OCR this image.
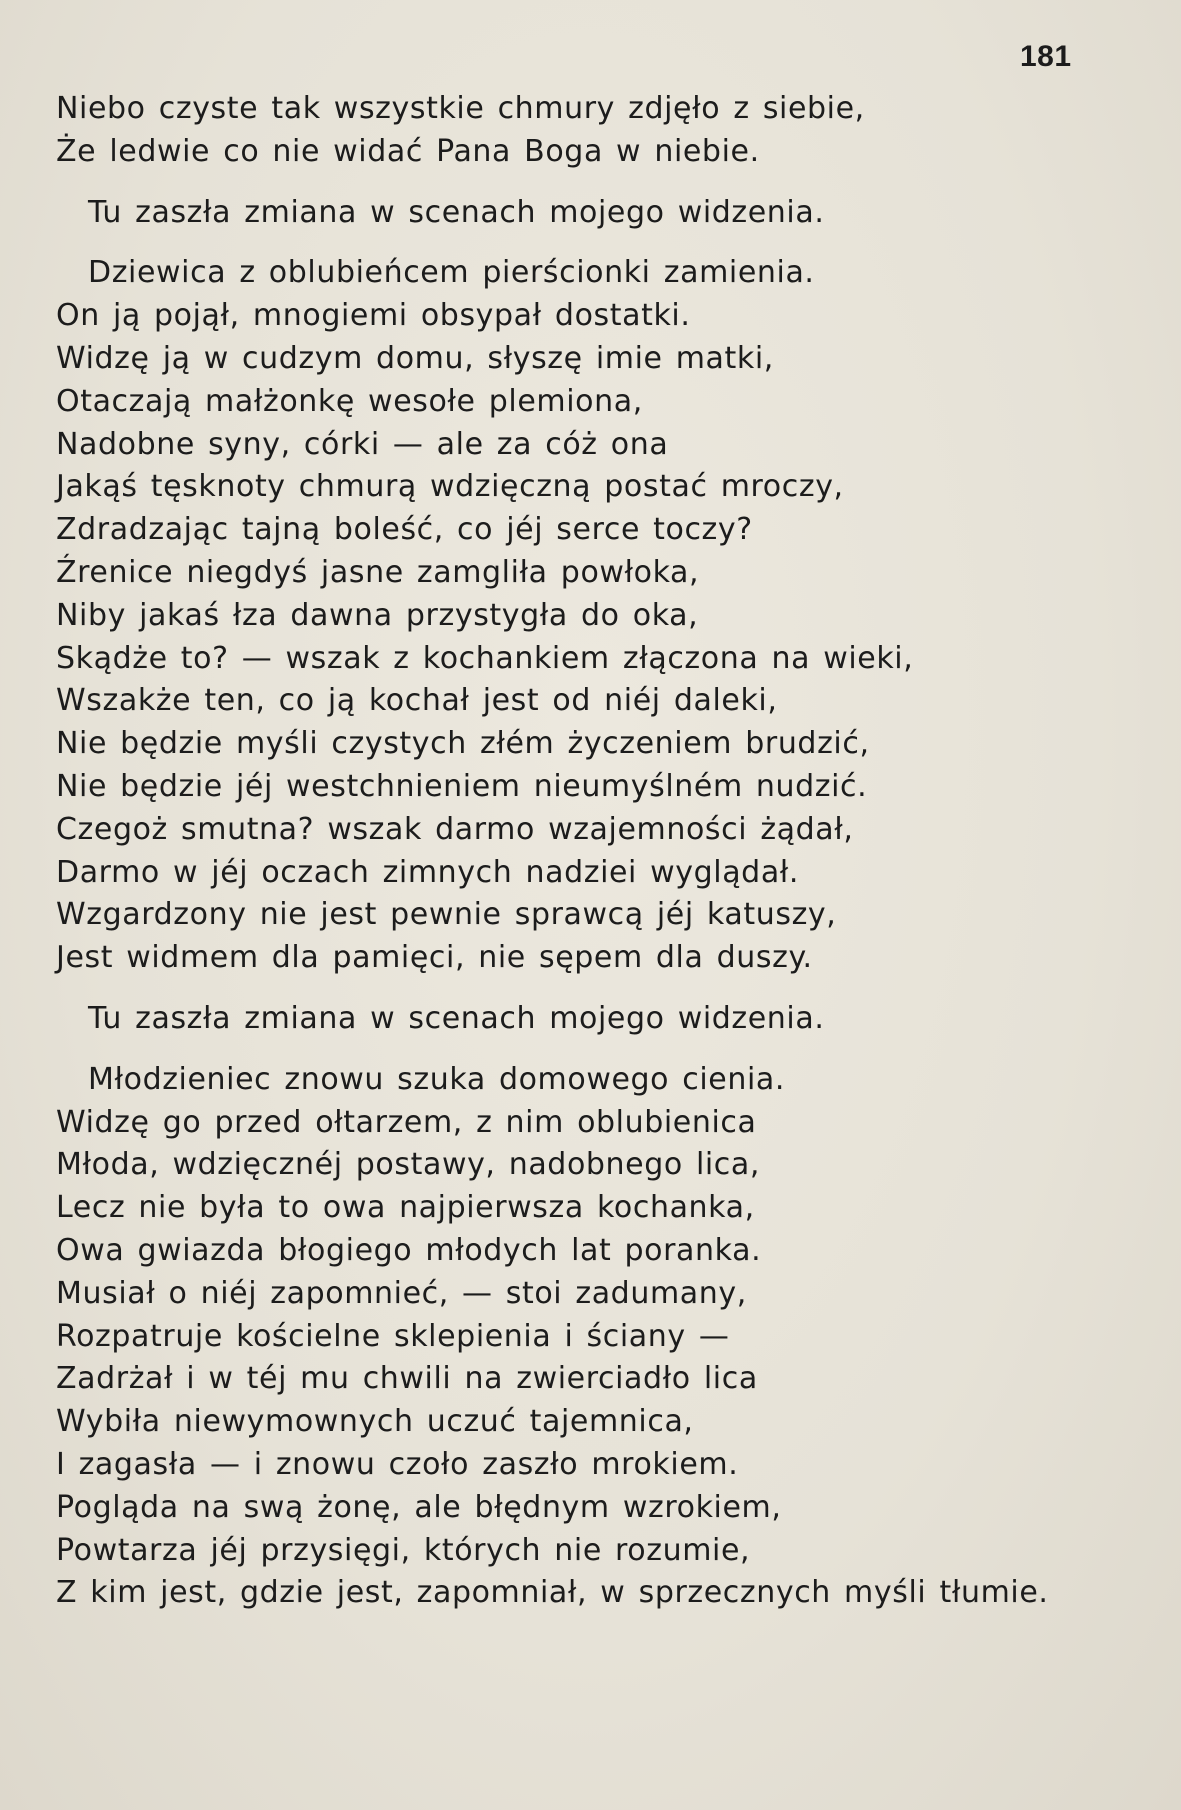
181
Niebo czyste tak wszystkie chmury zdjęło z siebie,
Że ledwie co nie widać Pana Boga w niebie.
Tu zaszła zmiana w scenach mojego widzenia.
Dziewica z oblubieńcem pierścionki zamienia.
On ją pojął, mnogiemi obsypał dostatki.
Widzę ją w cudzym domu, słyszę imie matki,
Otaczają małżonkę wesołe plemiona,
Nadobne syny, córki — ale za cóż ona
Jakąś tęsknoty chmurą wdzięczną postać mroczy,
Zdradzając tajną boleść, co jéj serce toczy?
Źrenice niegdyś jasne zamgliła powłoka,
Niby jakaś łza dawna przystygła do oka,
Skądże to? — wszak z kochankiem złączona na wieki,
Wszakże ten, co ją kochał jest od niéj daleki,
Nie będzie myśli czystych złém życzeniem brudzić,
Nie będzie jéj westchnieniem nieumyślném nudzić.
Czegoż smutna? wszak darmo wzajemności żądał,
Darmo w jéj oczach zimnych nadziei wyglądał.
Wzgardzony nie jest pewnie sprawcą jéj katuszy,
Jest widmem dla pamięci, nie sępem dla duszy.
Tu zaszła zmiana w scenach mojego widzenia.
Młodzieniec znowu szuka domowego cienia.
Widzę go przed ołtarzem, z nim oblubienica
Młoda, wdzięcznéj postawy, nadobnego lica,
Lecz nie była to owa najpierwsza kochanka,
Owa gwiazda błogiego młodych lat poranka.
Musiał o niéj zapomnieć, — stoi zadumany,
Rozpatruje kościelne sklepienia i ściany —
Zadrżał i w téj mu chwili na zwierciadło lica
Wybiła niewymownych uczuć tajemnica,
I zagasła — i znowu czoło zaszło mrokiem.
Pogląda na swą żonę, ale błędnym wzrokiem,
Powtarza jéj przysięgi, których nie rozumie,
Z kim jest, gdzie jest, zapomniał, w sprzecznych myśli tłumie.
